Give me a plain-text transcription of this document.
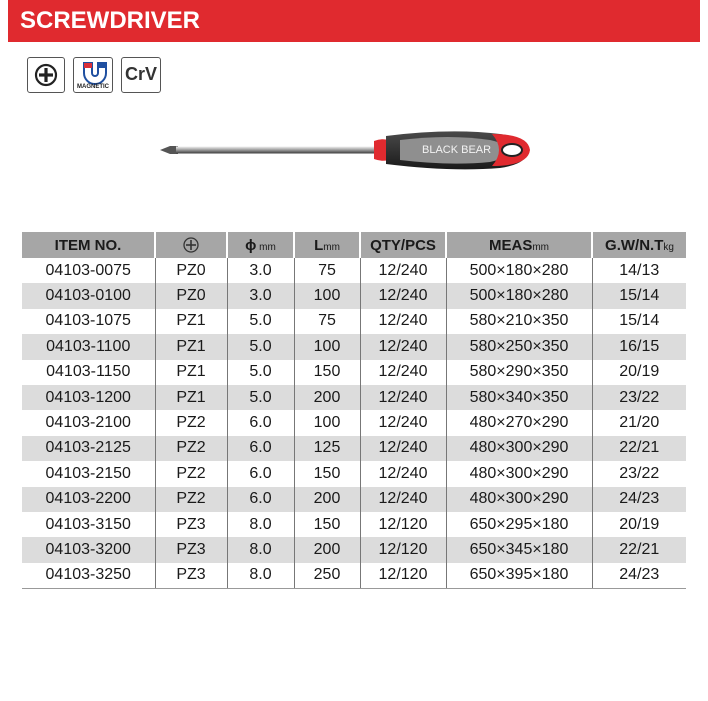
SCREWDRIVER
MAGNETIC
CrV
BLACK BEAR
ITEM NO.		ϕ mm	Lmm	QTY/PCS	MEASmm	G.W/N.Tkg
04103-0075	PZ0	3.0	75	12/240	500×180×280	14/13
04103-0100	PZ0	3.0	100	12/240	500×180×280	15/14
04103-1075	PZ1	5.0	75	12/240	580×210×350	15/14
04103-1100	PZ1	5.0	100	12/240	580×250×350	16/15
04103-1150	PZ1	5.0	150	12/240	580×290×350	20/19
04103-1200	PZ1	5.0	200	12/240	580×340×350	23/22
04103-2100	PZ2	6.0	100	12/240	480×270×290	21/20
04103-2125	PZ2	6.0	125	12/240	480×300×290	22/21
04103-2150	PZ2	6.0	150	12/240	480×300×290	23/22
04103-2200	PZ2	6.0	200	12/240	480×300×290	24/23
04103-3150	PZ3	8.0	150	12/120	650×295×180	20/19
04103-3200	PZ3	8.0	200	12/120	650×345×180	22/21
04103-3250	PZ3	8.0	250	12/120	650×395×180	24/23
